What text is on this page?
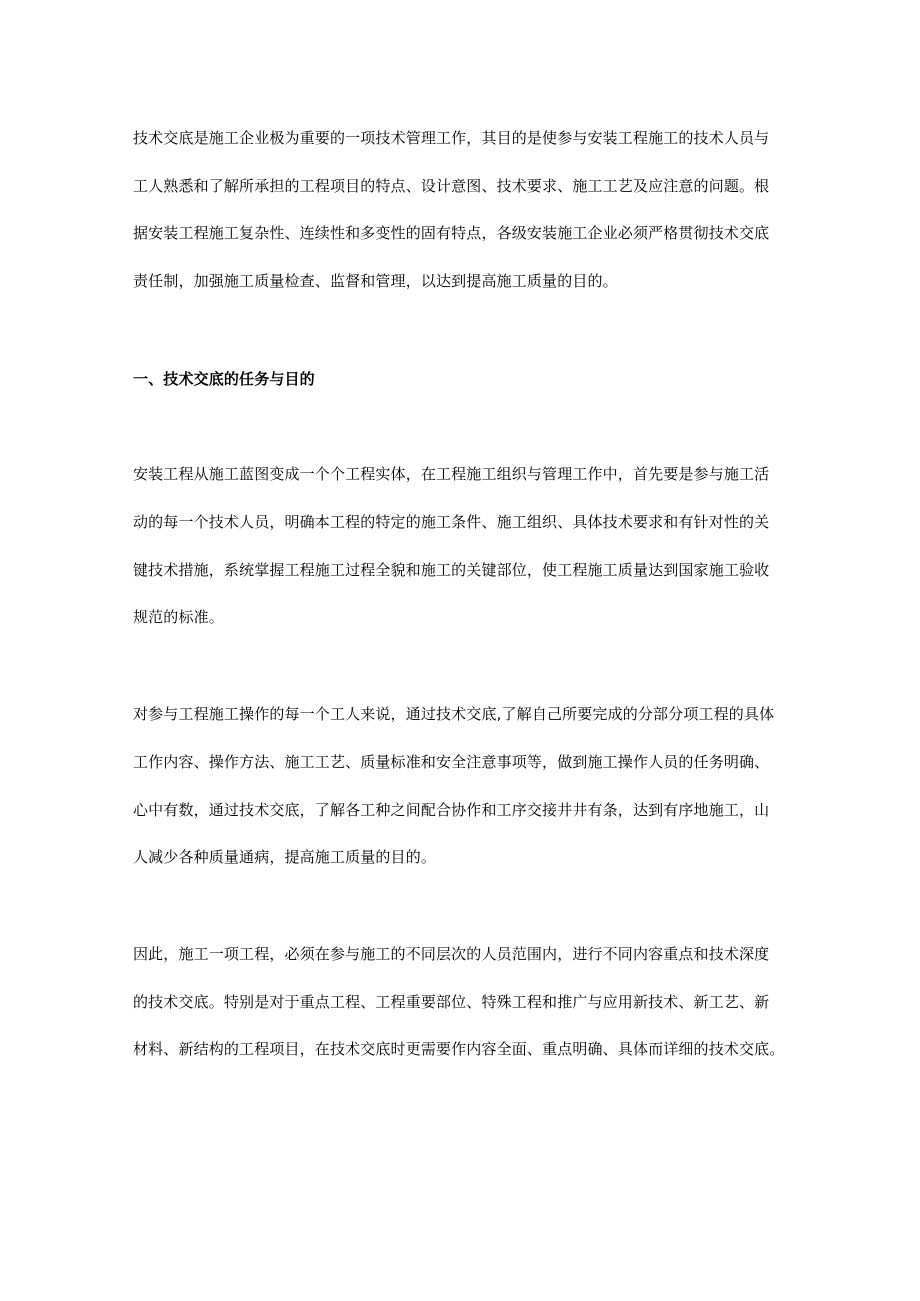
技术交底是施工企业极为重要的一项技术管理工作，其目的是使参与安装工程施工的技术人员与

工人熟悉和了解所承担的工程项目的特点、设计意图、技术要求、施工工艺及应注意的问题。根

据安装工程施工复杂性、连续性和多变性的固有特点，各级安装施工企业必须严格贯彻技术交底

责任制，加强施工质量检查、监督和管理，以达到提高施工质量的目的。

一、技术交底的任务与目的

安装工程从施工蓝图变成一个个工程实体，在工程施工组织与管理工作中，首先要是参与施工活

动的每一个技术人员，明确本工程的特定的施工条件、施工组织、具体技术要求和有针对性的关

键技术措施，系统掌握工程施工过程全貌和施工的关键部位，使工程施工质量达到国家施工验收

规范的标准。

对参与工程施工操作的每一个工人来说，通过技术交底,了解自己所要完成的分部分项工程的具体

工作内容、操作方法、施工工艺、质量标准和安全注意事项等，做到施工操作人员的任务明确、

心中有数，通过技术交底，了解各工种之间配合协作和工序交接井井有条，达到有序地施工，山

人减少各种质量通病，提高施工质量的目的。

因此，施工一项工程，必须在参与施工的不同层次的人员范围内，进行不同内容重点和技术深度

的技术交底。特别是对于重点工程、工程重要部位、特殊工程和推广与应用新技术、新工艺、新

材料、新结构的工程项目，在技术交底时更需要作内容全面、重点明确、具体而详细的技术交底。
